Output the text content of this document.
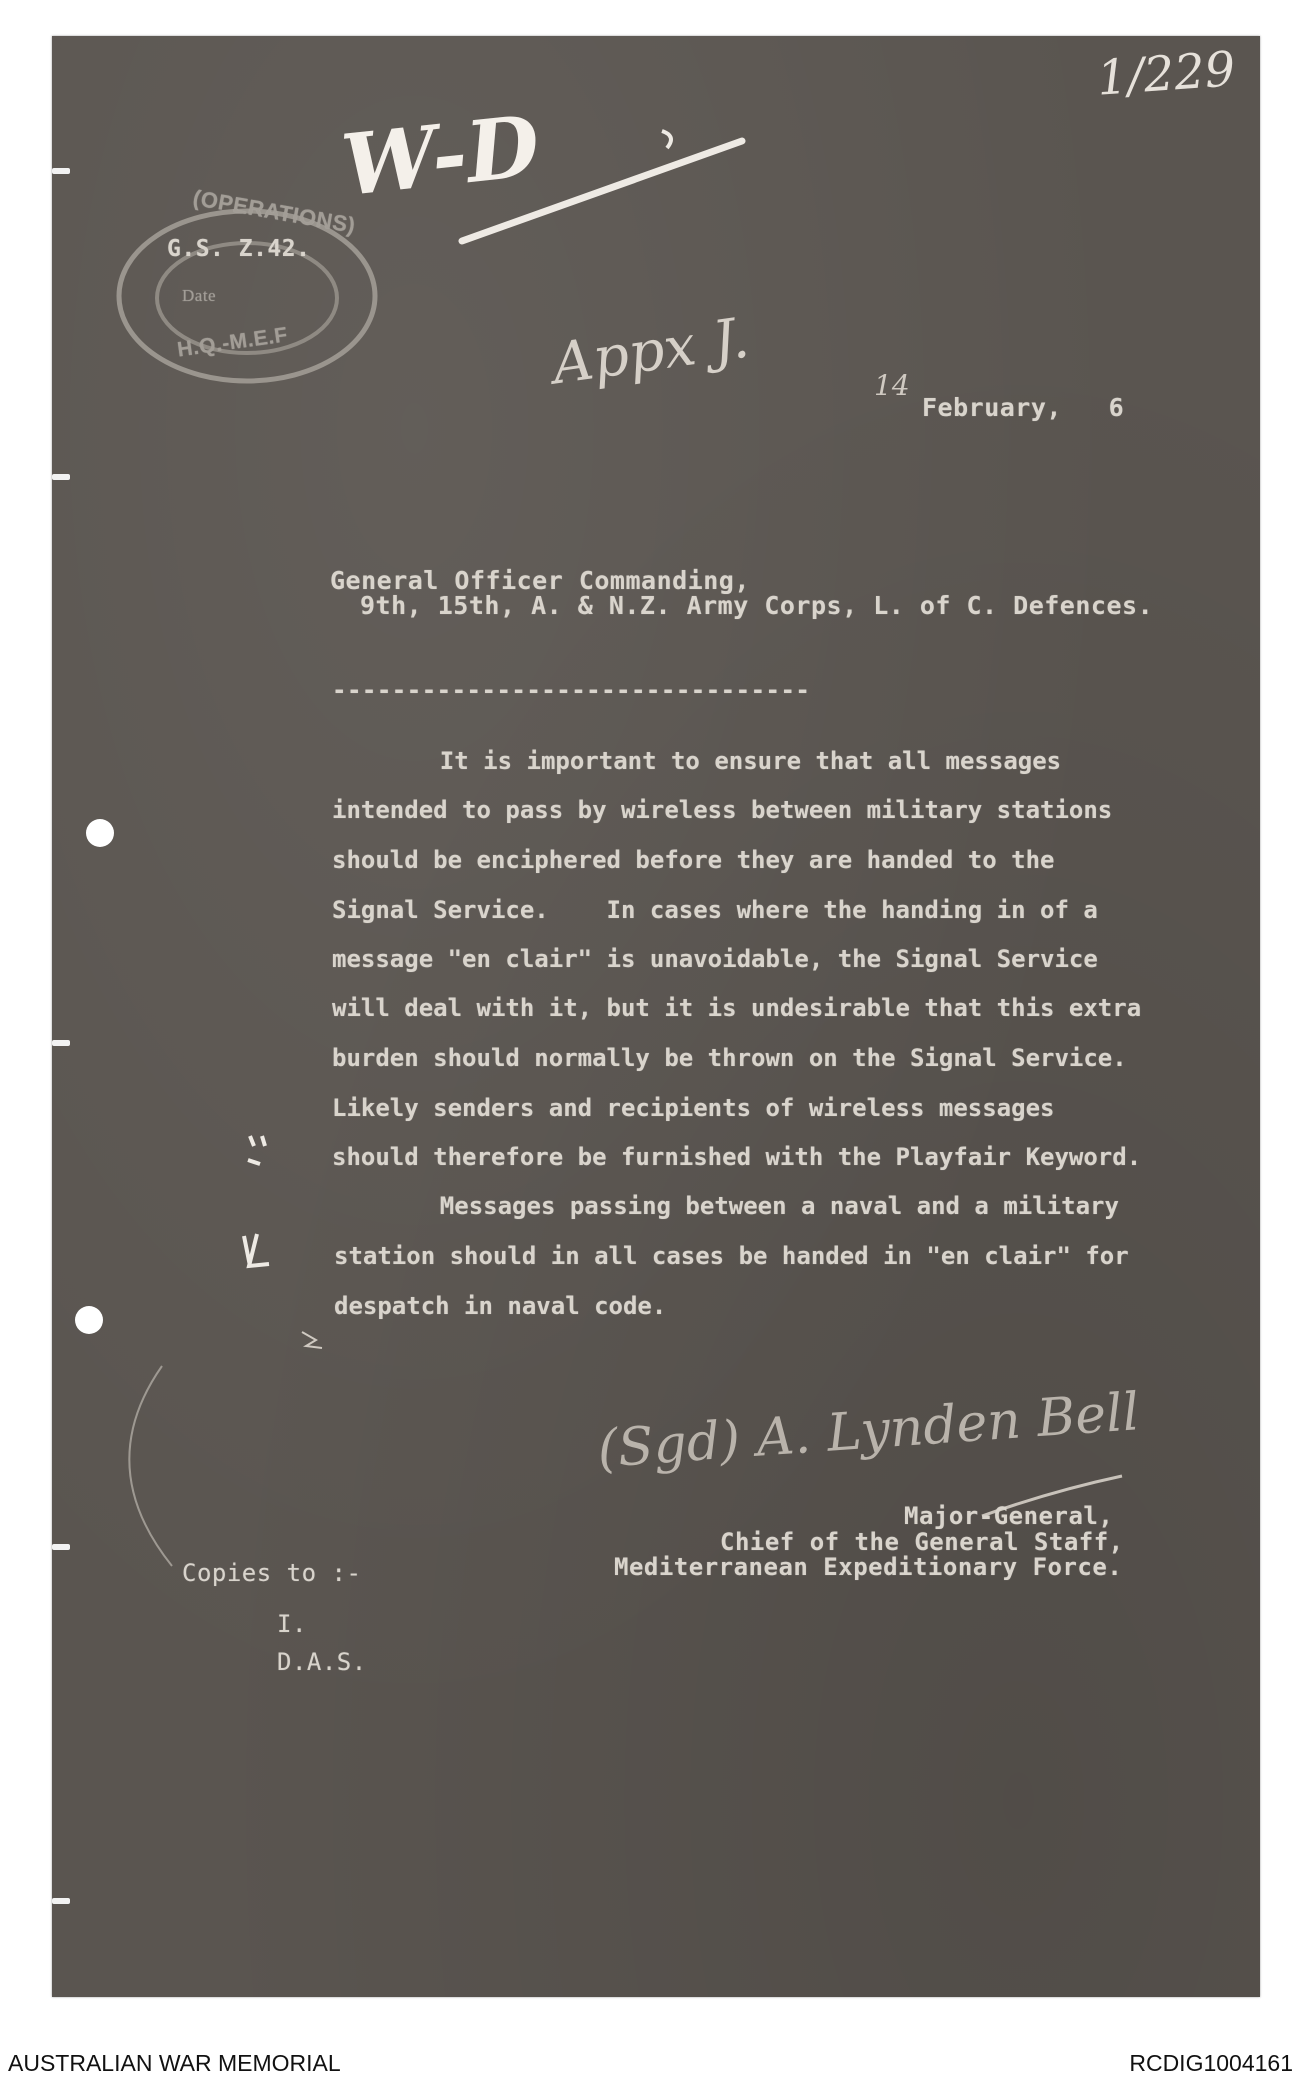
1/229
W-D
(OPERATIONS)
G.S. Z.42.
Date
H.Q.-M.E.F	Appx J.	14
February,   6
General Officer Commanding,
9th, 15th, A. & N.Z. Army Corps, L. of C. Defences.
--------------------------------
It is important to ensure that all messages
intended to pass by wireless between military stations
should be enciphered before they are handed to the
Signal Service.    In cases where the handing in of a
message "en clair" is unavoidable, the Signal Service
will deal with it, but it is undesirable that this extra
burden should normally be thrown on the Signal Service.
Likely senders and recipients of wireless messages
should therefore be furnished with the Playfair Keyword.
Messages passing between a naval and a military
station should in all cases be handed in "en clair" for
despatch in naval code.
(Sgd) A. Lynden Bell
Major-General,
Chief of the General Staff,
Mediterranean Expeditionary Force.
Copies to :-
I.
D.A.S.
AUSTRALIAN WAR MEMORIAL	RCDIG1004161
